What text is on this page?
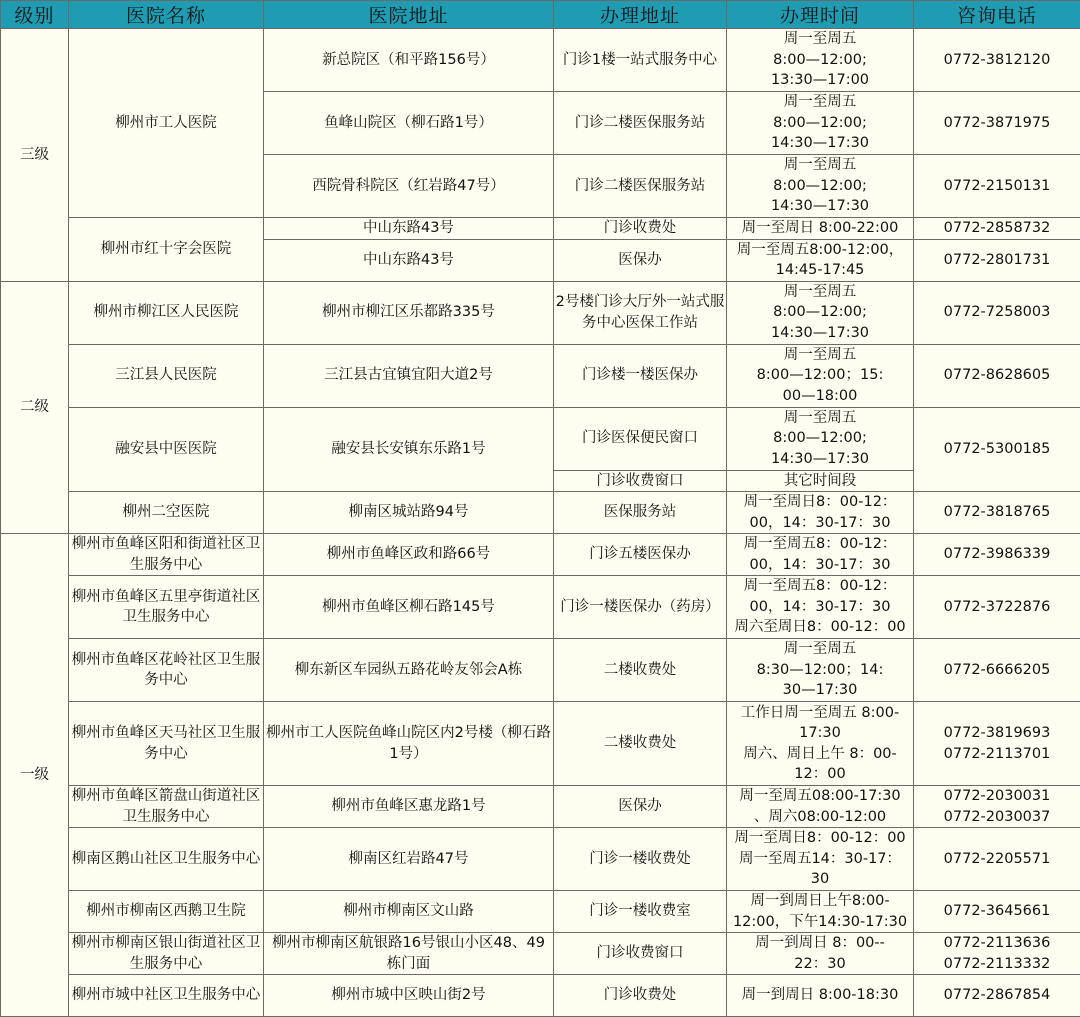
级别	医院名称	医院地址	办理地址	办理时间	咨询电话
三级	柳州市工人医院	新总院区（和平路156号）	门诊1楼一站式服务中心	周一至周五
8:00—12:00;
13:30—17:00	0772-3812120
		鱼峰山院区（柳石路1号）	门诊二楼医保服务站	周一至周五
8:00—12:00;
14:30—17:30	0772-3871975
		西院骨科院区（红岩路47号）	门诊二楼医保服务站	周一至周五
8:00—12:00;
14:30—17:30	0772-2150131
	柳州市红十字会医院	中山东路43号	门诊收费处	周一至周日 8:00-22:00	0772-2858732
		中山东路43号	医保办	周一至周五8:00-12:00，
14:45-17:45	0772-2801731
二级	柳州市柳江区人民医院	柳州市柳江区乐都路335号	2号楼门诊大厅外一站式服务中心医保工作站	周一至周五
8:00—12:00;
14:30—17:30	0772-7258003
	三江县人民医院	三江县古宜镇宜阳大道2号	门诊楼一楼医保办	周一至周五
8:00—12:00；15:
00—18:00	0772-8628605
	融安县中医医院	融安县长安镇东乐路1号	门诊医保便民窗口	周一至周五
8:00—12:00;
14:30—17:30	0772-5300185
			门诊收费窗口	其它时间段	
	柳州二空医院	柳南区城站路94号	医保服务站	周一至周日8：00-12：
00，14：30-17：30	0772-3818765
一级	柳州市鱼峰区阳和街道社区卫生服务中心	柳州市鱼峰区政和路66号	门诊五楼医保办	周一至周五8：00-12：
00，14：30-17：30	0772-3986339
	柳州市鱼峰区五里亭街道社区卫生服务中心	柳州市鱼峰区柳石路145号	门诊一楼医保办（药房）	周一至周五8：00-12：
00，14：30-17：30
周六至周日8：00-12：00	0772-3722876
	柳州市鱼峰区花岭社区卫生服务中心	柳东新区车园纵五路花岭友邻会A栋	二楼收费处	周一至周五
8:30—12:00；14:
30—17:30	0772-6666205
	柳州市鱼峰区天马社区卫生服务中心	柳州市工人医院鱼峰山院区内2号楼（柳石路1号）	二楼收费处	工作日周一至周五 8:00-
17:30
周六、周日上午 8：00-
12：00	0772-3819693
0772-2113701
	柳州市鱼峰区箭盘山街道社区卫生服务中心	柳州市鱼峰区惠龙路1号	医保办	周一至周五08:00-17:30
、周六08:00-12:00	0772-2030031
0772-2030037
	柳南区鹅山社区卫生服务中心	柳南区红岩路47号	门诊一楼收费处	周一至周日8：00-12：00
周一至周五14：30-17：
30	0772-2205571
	柳州市柳南区西鹅卫生院	柳州市柳南区文山路	门诊一楼收费室	周一到周日上午8:00-
12:00，下午14:30-17:30	0772-3645661
	柳州市柳南区银山街道社区卫生服务中心	柳州市柳南区航银路16号银山小区48、49栋门面	门诊收费窗口	周一到周日 8：00--
22：30	0772-2113636
0772-2113332
	柳州市城中社区卫生服务中心	柳州市城中区映山街2号	门诊收费处	周一到周日 8:00-18:30	0772-2867854
